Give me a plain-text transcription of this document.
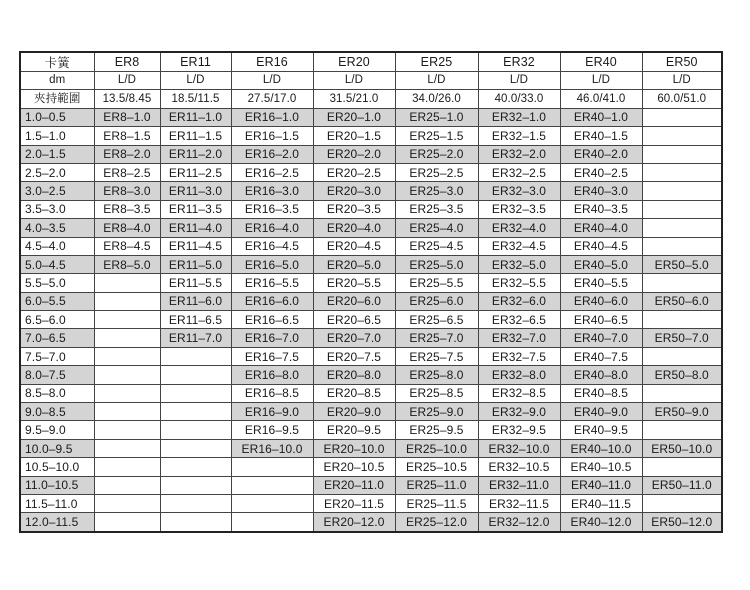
卡簧	ER8	ER11	ER16	ER20	ER25	ER32	ER40	ER50
dm	L/D	L/D	L/D	L/D	L/D	L/D	L/D	L/D
夾持範圍	13.5/8.45	18.5/11.5	27.5/17.0	31.5/21.0	34.0/26.0	40.0/33.0	46.0/41.0	60.0/51.0
1.0–0.5	ER8–1.0	ER11–1.0	ER16–1.0	ER20–1.0	ER25–1.0	ER32–1.0	ER40–1.0	
1.5–1.0	ER8–1.5	ER11–1.5	ER16–1.5	ER20–1.5	ER25–1.5	ER32–1.5	ER40–1.5	
2.0–1.5	ER8–2.0	ER11–2.0	ER16–2.0	ER20–2.0	ER25–2.0	ER32–2.0	ER40–2.0	
2.5–2.0	ER8–2.5	ER11–2.5	ER16–2.5	ER20–2.5	ER25–2.5	ER32–2.5	ER40–2.5	
3.0–2.5	ER8–3.0	ER11–3.0	ER16–3.0	ER20–3.0	ER25–3.0	ER32–3.0	ER40–3.0	
3.5–3.0	ER8–3.5	ER11–3.5	ER16–3.5	ER20–3.5	ER25–3.5	ER32–3.5	ER40–3.5	
4.0–3.5	ER8–4.0	ER11–4.0	ER16–4.0	ER20–4.0	ER25–4.0	ER32–4.0	ER40–4.0	
4.5–4.0	ER8–4.5	ER11–4.5	ER16–4.5	ER20–4.5	ER25–4.5	ER32–4.5	ER40–4.5	
5.0–4.5	ER8–5.0	ER11–5.0	ER16–5.0	ER20–5.0	ER25–5.0	ER32–5.0	ER40–5.0	ER50–5.0
5.5–5.0		ER11–5.5	ER16–5.5	ER20–5.5	ER25–5.5	ER32–5.5	ER40–5.5	
6.0–5.5		ER11–6.0	ER16–6.0	ER20–6.0	ER25–6.0	ER32–6.0	ER40–6.0	ER50–6.0
6.5–6.0		ER11–6.5	ER16–6.5	ER20–6.5	ER25–6.5	ER32–6.5	ER40–6.5	
7.0–6.5		ER11–7.0	ER16–7.0	ER20–7.0	ER25–7.0	ER32–7.0	ER40–7.0	ER50–7.0
7.5–7.0			ER16–7.5	ER20–7.5	ER25–7.5	ER32–7.5	ER40–7.5	
8.0–7.5			ER16–8.0	ER20–8.0	ER25–8.0	ER32–8.0	ER40–8.0	ER50–8.0
8.5–8.0			ER16–8.5	ER20–8.5	ER25–8.5	ER32–8.5	ER40–8.5	
9.0–8.5			ER16–9.0	ER20–9.0	ER25–9.0	ER32–9.0	ER40–9.0	ER50–9.0
9.5–9.0			ER16–9.5	ER20–9.5	ER25–9.5	ER32–9.5	ER40–9.5	
10.0–9.5			ER16–10.0	ER20–10.0	ER25–10.0	ER32–10.0	ER40–10.0	ER50–10.0
10.5–10.0				ER20–10.5	ER25–10.5	ER32–10.5	ER40–10.5	
11.0–10.5				ER20–11.0	ER25–11.0	ER32–11.0	ER40–11.0	ER50–11.0
11.5–11.0				ER20–11.5	ER25–11.5	ER32–11.5	ER40–11.5	
12.0–11.5				ER20–12.0	ER25–12.0	ER32–12.0	ER40–12.0	ER50–12.0
